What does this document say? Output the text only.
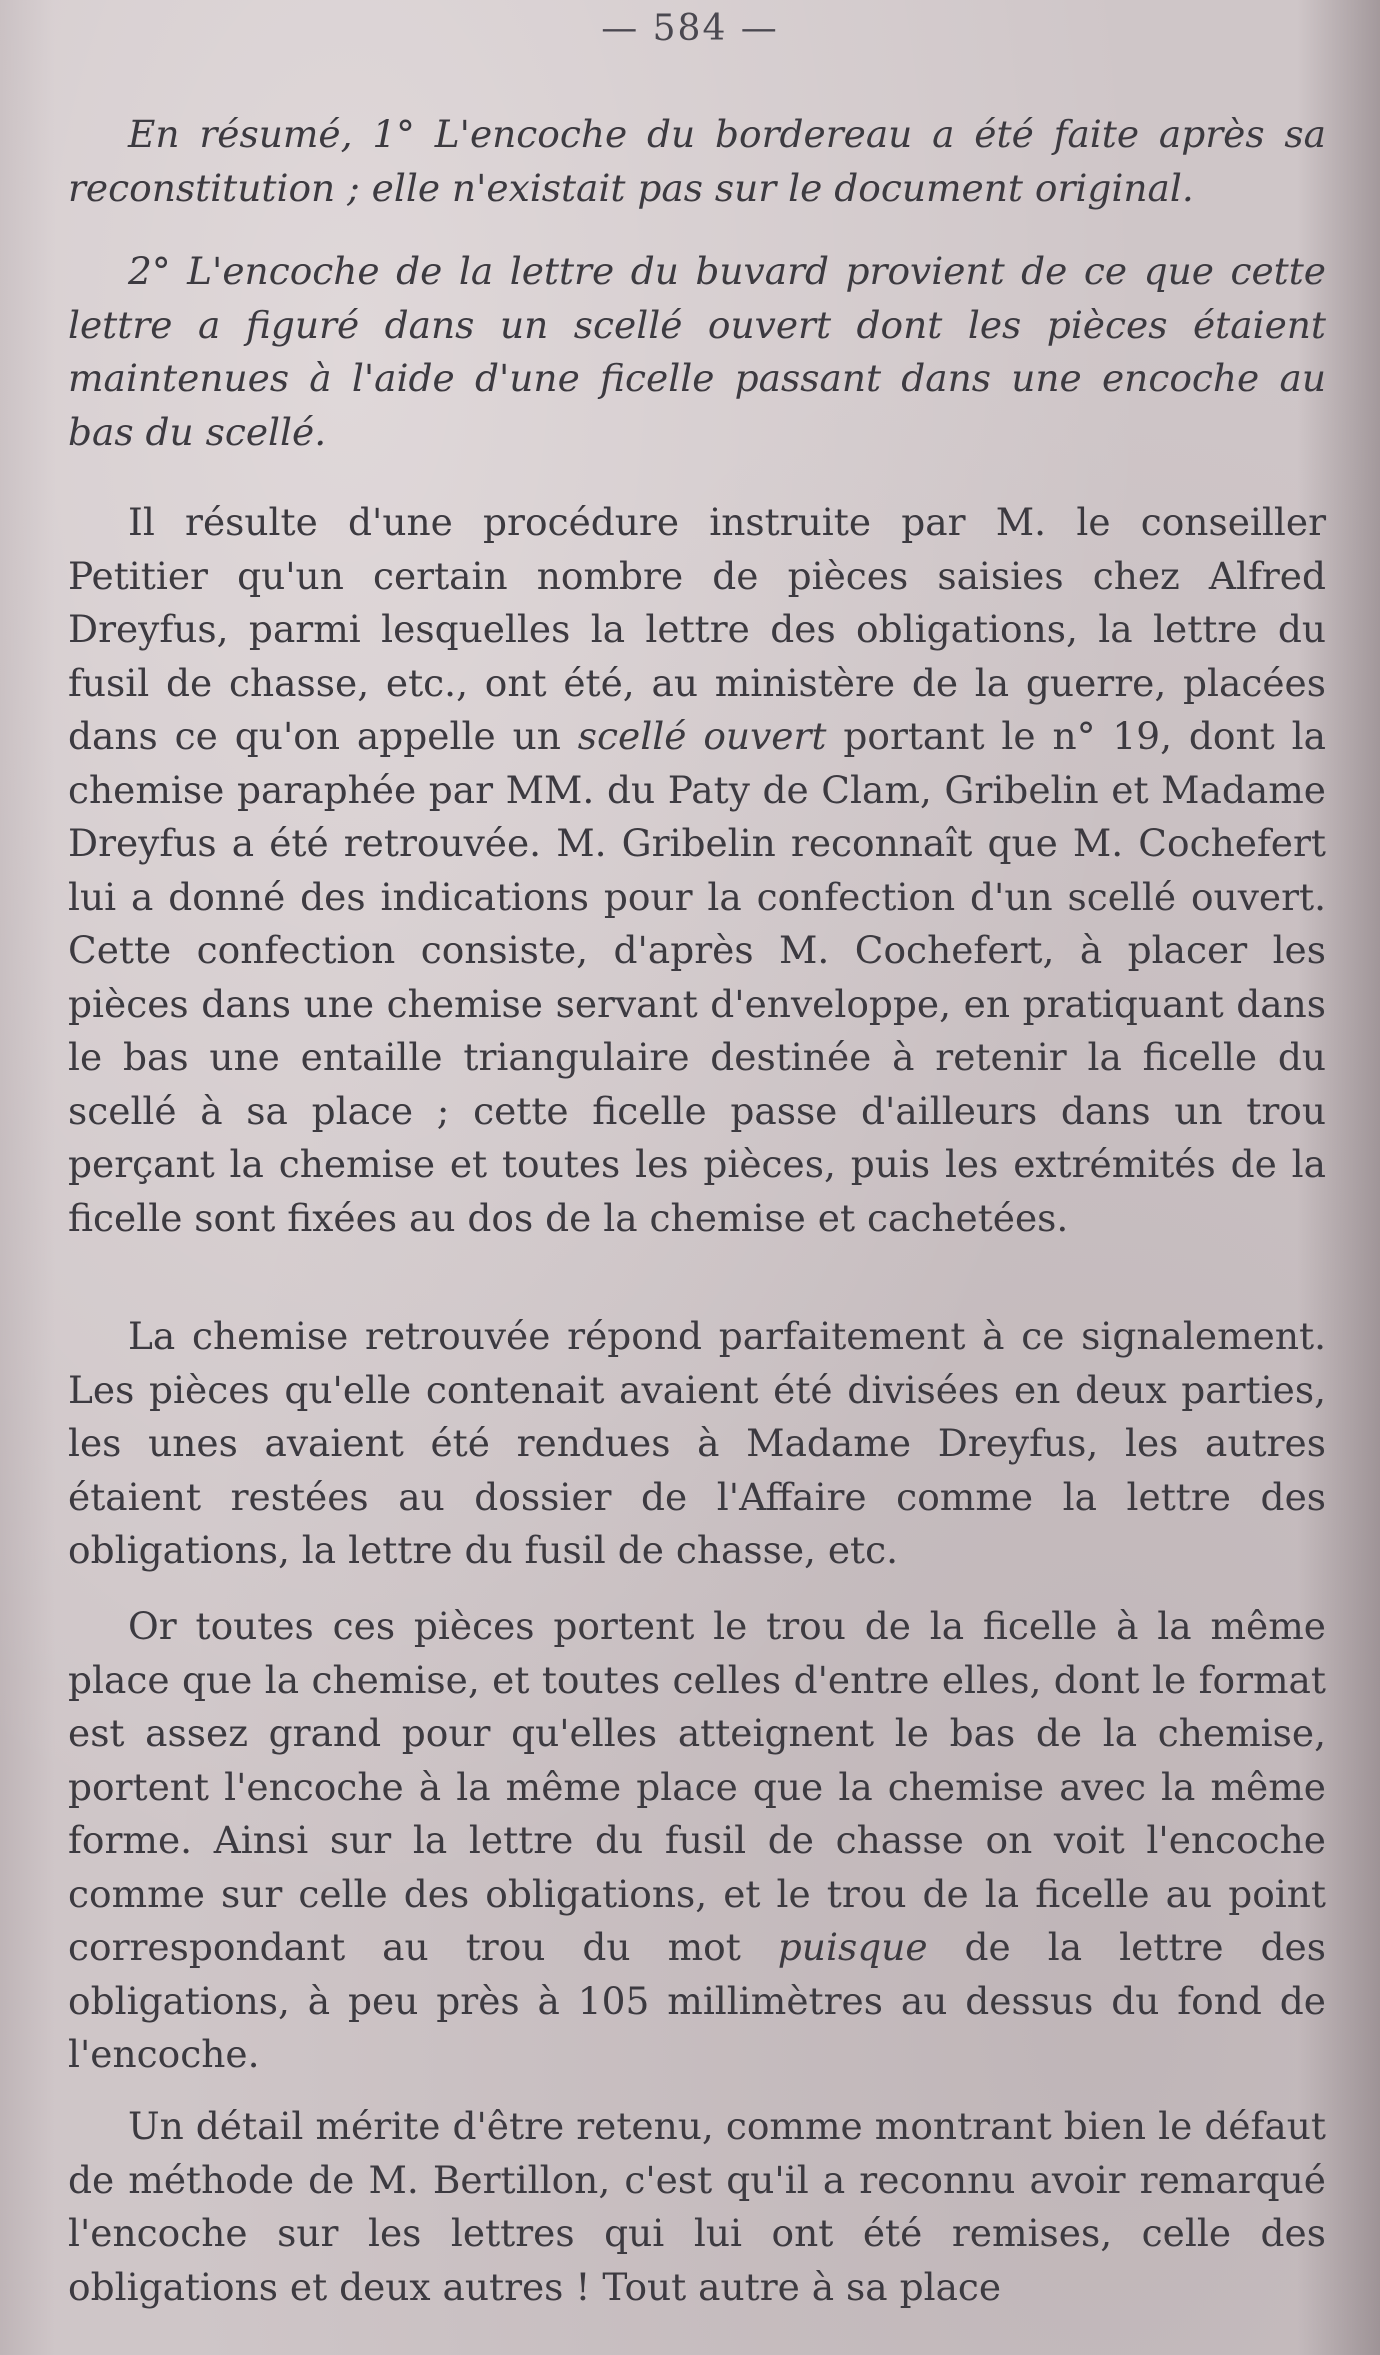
— 584 —

En résumé, 1° L'encoche du bordereau a été faite après sa reconstitution ; elle n'existait pas sur le document original.

2° L'encoche de la lettre du buvard provient de ce que cette lettre a figuré dans un scellé ouvert dont les pièces étaient maintenues à l'aide d'une ficelle passant dans une encoche au bas du scellé.

Il résulte d'une procédure instruite par M. le conseiller Petitier qu'un certain nombre de pièces saisies chez Alfred Dreyfus, parmi lesquelles la lettre des obligations, la lettre du fusil de chasse, etc., ont été, au ministère de la guerre, placées dans ce qu'on appelle un scellé ouvert portant le n° 19, dont la chemise paraphée par MM. du Paty de Clam, Gribelin et Madame Dreyfus a été retrouvée. M. Gribelin reconnaît que M. Cochefert lui a donné des indications pour la confection d'un scellé ouvert. Cette confection consiste, d'après M. Cochefert, à placer les pièces dans une chemise servant d'enveloppe, en pratiquant dans le bas une entaille triangulaire destinée à retenir la ficelle du scellé à sa place ; cette ficelle passe d'ailleurs dans un trou perçant la chemise et toutes les pièces, puis les extrémités de la ficelle sont fixées au dos de la chemise et cachetées.

La chemise retrouvée répond parfaitement à ce signalement. Les pièces qu'elle contenait avaient été divisées en deux parties, les unes avaient été rendues à Madame Dreyfus, les autres étaient restées au dossier de l'Affaire comme la lettre des obligations, la lettre du fusil de chasse, etc.

Or toutes ces pièces portent le trou de la ficelle à la même place que la chemise, et toutes celles d'entre elles, dont le format est assez grand pour qu'elles atteignent le bas de la chemise, portent l'encoche à la même place que la chemise avec la même forme. Ainsi sur la lettre du fusil de chasse on voit l'encoche comme sur celle des obligations, et le trou de la ficelle au point correspondant au trou du mot puisque de la lettre des obligations, à peu près à 105 millimètres au dessus du fond de l'encoche.

Un détail mérite d'être retenu, comme montrant bien le défaut de méthode de M. Bertillon, c'est qu'il a reconnu avoir remarqué l'encoche sur les lettres qui lui ont été remises, celle des obligations et deux autres ! Tout autre à sa place
